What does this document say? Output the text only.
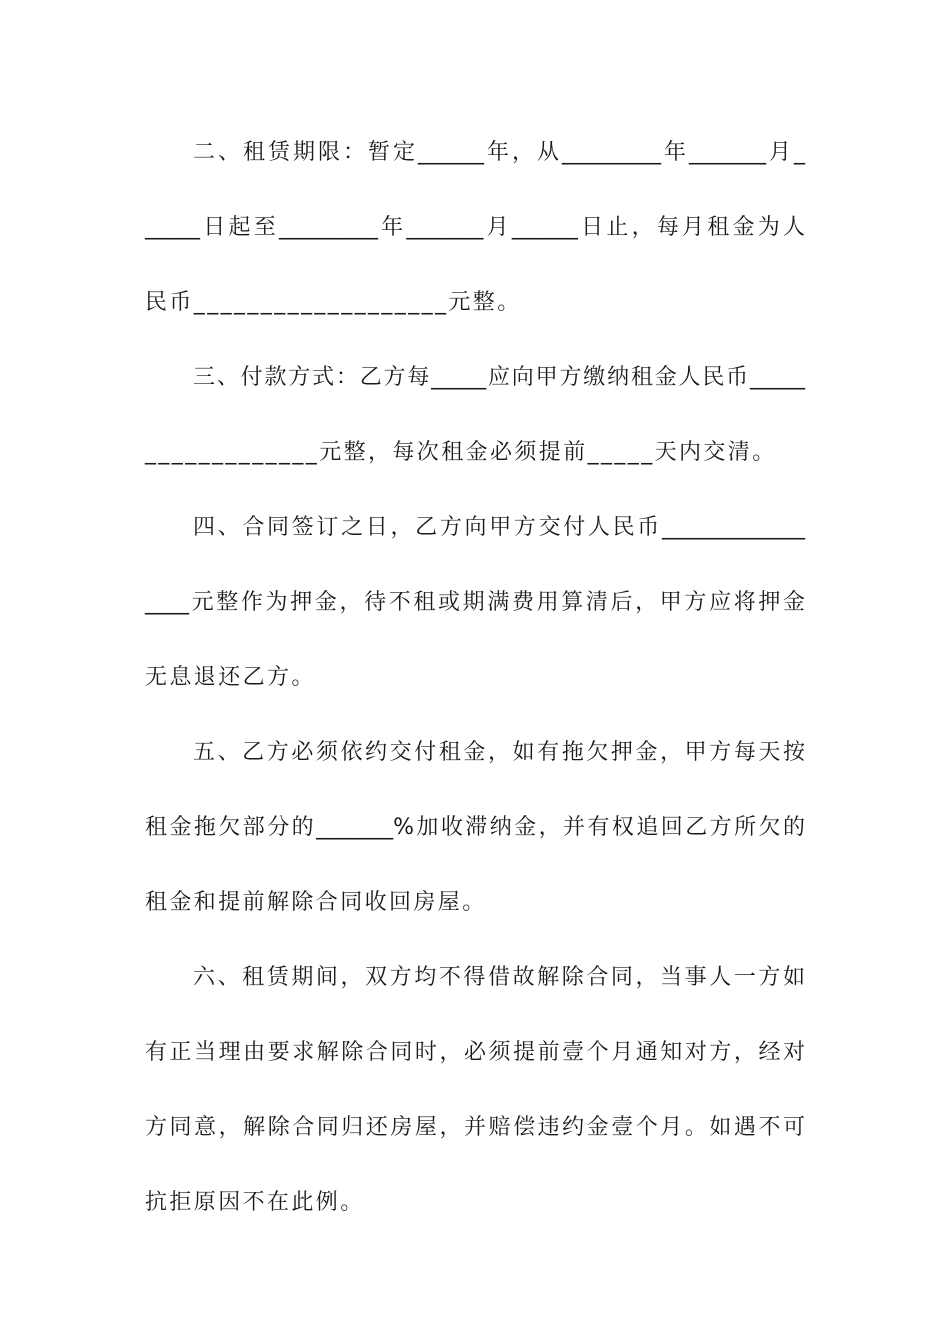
二、租赁期限：暂定______年，从_________年_______月_
_____日起至_________年_______月______日止，每月租金为人
民币___________________元整。
三、付款方式：乙方每_____应向甲方缴纳租金人民币_____
_____________元整，每次租金必须提前_____天内交清。
四、合同签订之日，乙方向甲方交付人民币_____________
____元整作为押金，待不租或期满费用算清后，甲方应将押金
无息退还乙方。
五、乙方必须依约交付租金，如有拖欠押金，甲方每天按
租金拖欠部分的_______%加收滞纳金，并有权追回乙方所欠的
租金和提前解除合同收回房屋。
六、租赁期间，双方均不得借故解除合同，当事人一方如
有正当理由要求解除合同时，必须提前壹个月通知对方，经对
方同意，解除合同归还房屋，并赔偿违约金壹个月。如遇不可
抗拒原因不在此例。
